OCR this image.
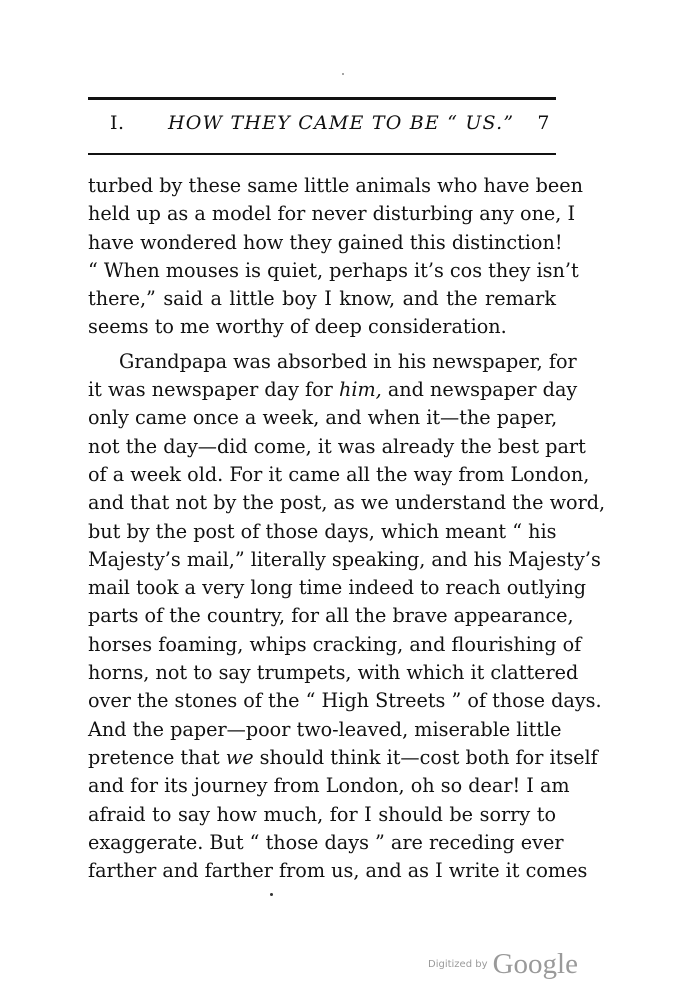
I. HOW THEY CAME TO BE “ US.” 7
turbed by these same little animals who have been
held up as a model for never disturbing any one, I
have wondered how they gained this distinction!
“ When mouses is quiet, perhaps it’s cos they isn’t
there,” said a little boy I know, and the remark
seems to me worthy of deep consideration.
Grandpapa was absorbed in his newspaper, for
it was newspaper day for him, and newspaper day
only came once a week, and when it—the paper,
not the day—did come, it was already the best part
of a week old. For it came all the way from London,
and that not by the post, as we understand the word,
but by the post of those days, which meant “ his
Majesty’s mail,” literally speaking, and his Majesty’s
mail took a very long time indeed to reach outlying
parts of the country, for all the brave appearance,
horses foaming, whips cracking, and flourishing of
horns, not to say trumpets, with which it clattered
over the stones of the “ High Streets ” of those days.
And the paper—poor two-leaved, miserable little
pretence that we should think it—cost both for itself
and for its journey from London, oh so dear! I am
afraid to say how much, for I should be sorry to
exaggerate. But “ those days ” are receding ever
farther and farther from us, and as I write it comes
Digitized by Google
